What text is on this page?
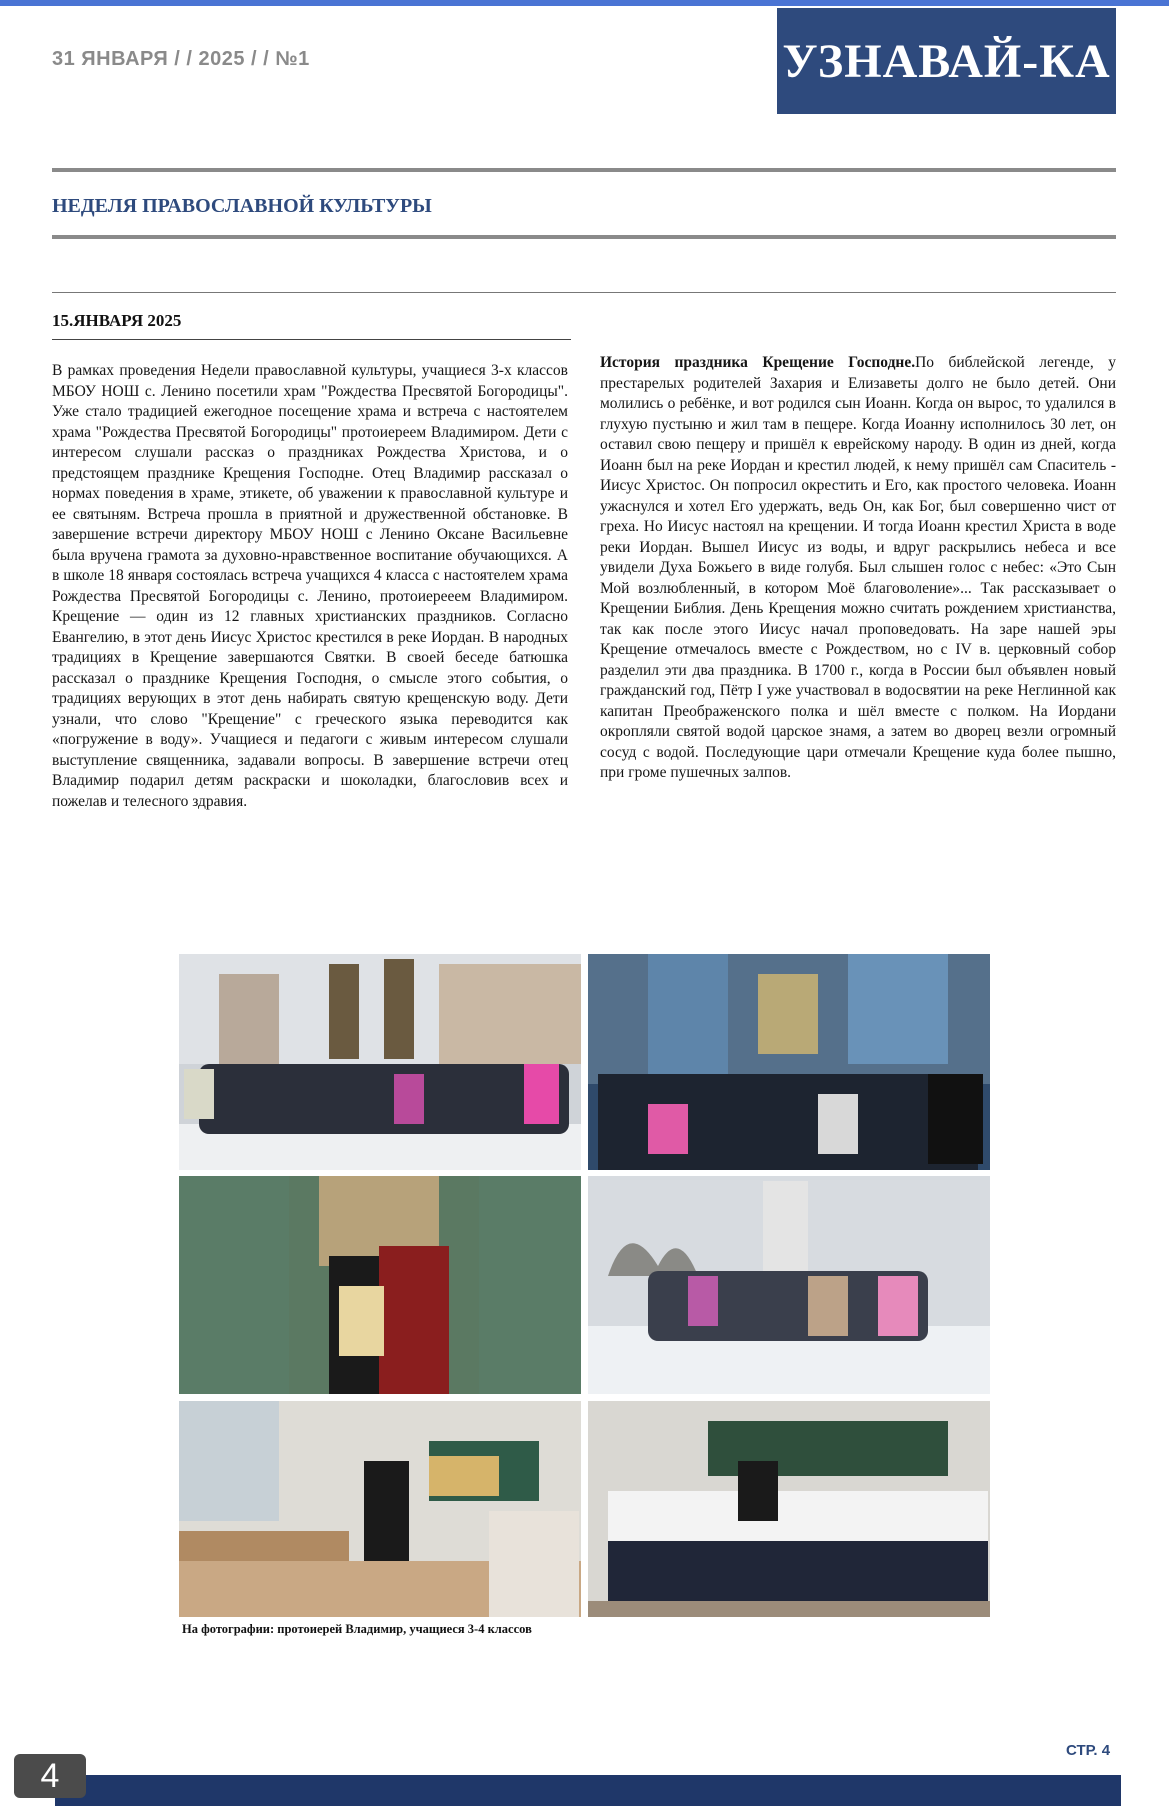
31 ЯНВАРЯ / / 2025 / / №1	УЗНАВАЙ-КА
НЕДЕЛЯ ПРАВОСЛАВНОЙ КУЛЬТУРЫ
15.ЯНВАРЯ 2025
В рамках проведения Недели православной культуры, учащиеся 3-х классов МБОУ НОШ с. Ленино посетили храм "Рождества Пресвятой Богородицы". Уже стало традицией ежегодное посещение храма и встреча с настоятелем храма "Рождества Пресвятой Богородицы" протоиереем Владимиром. Дети с интересом слушали рассказ о праздниках Рождества Христова, и о предстоящем празднике Крещения Господне. Отец Владимир рассказал о нормах поведения в храме, этикете, об уважении к православной культуре и ее святыням. Встреча прошла в приятной и дружественной обстановке. В завершение встречи директору МБОУ НОШ с Ленино Оксане Васильевне была вручена грамота за духовно-нравственное воспитание обучающихся. А в школе 18 января состоялась встреча учащихся 4 класса с настоятелем храма Рождества Пресвятой Богородицы с. Ленино, протоиерееем Владимиром. Крещение — один из 12 главных христианских праздников. Согласно Евангелию, в этот день Иисус Христос крестился в реке Иордан. В народных традициях в Крещение завершаются Святки. В своей беседе батюшка рассказал о празднике Крещения Господня, о смысле этого события, о традициях верующих в этот день набирать святую крещенскую воду. Дети узнали, что слово "Крещение" с греческого языка переводится как «погружение в воду». Учащиеся и педагоги с живым интересом слушали выступление священника, задавали вопросы. В завершение встречи отец Владимир подарил детям раскраски и шоколадки, благословив всех и пожелав и телесного здравия.
История праздника Крещение Господне.По библейской легенде, у престарелых родителей Захария и Елизаветы долго не было детей. Они молились о ребёнке, и вот родился сын Иоанн. Когда он вырос, то удалился в глухую пустыню и жил там в пещере. Когда Иоанну исполнилось 30 лет, он оставил свою пещеру и пришёл к еврейскому народу. В один из дней, когда Иоанн был на реке Иордан и крестил людей, к нему пришёл сам Спаситель - Иисус Христос. Он попросил окрестить и Его, как простого человека. Иоанн ужаснулся и хотел Его удержать, ведь Он, как Бог, был совершенно чист от греха. Но Иисус настоял на крещении. И тогда Иоанн крестил Христа в воде реки Иордан. Вышел Иисус из воды, и вдруг раскрылись небеса и все увидели Духа Божьего в виде голубя. Был слышен голос с небес: «Это Сын Мой возлюбленный, в котором Моё благоволение»... Так рассказывает о Крещении Библия. День Крещения можно считать рождением христианства, так как после этого Иисус начал проповедовать. На заре нашей эры Крещение отмечалось вместе с Рождеством, но с IV в. церковный собор разделил эти два праздника. В 1700 г., когда в России был объявлен новый гражданский год, Пётр I уже участвовал в водосвятии на реке Неглинной как капитан Преображенского полка и шёл вместе с полком. На Иордани окропляли святой водой царское знамя, а затем во дворец везли огромный сосуд с водой. Последующие цари отмечали Крещение куда более пышно, при громе пушечных залпов.
На фотографии: протоиерей Владимир, учащиеся 3-4 классов
СТР. 4
4
